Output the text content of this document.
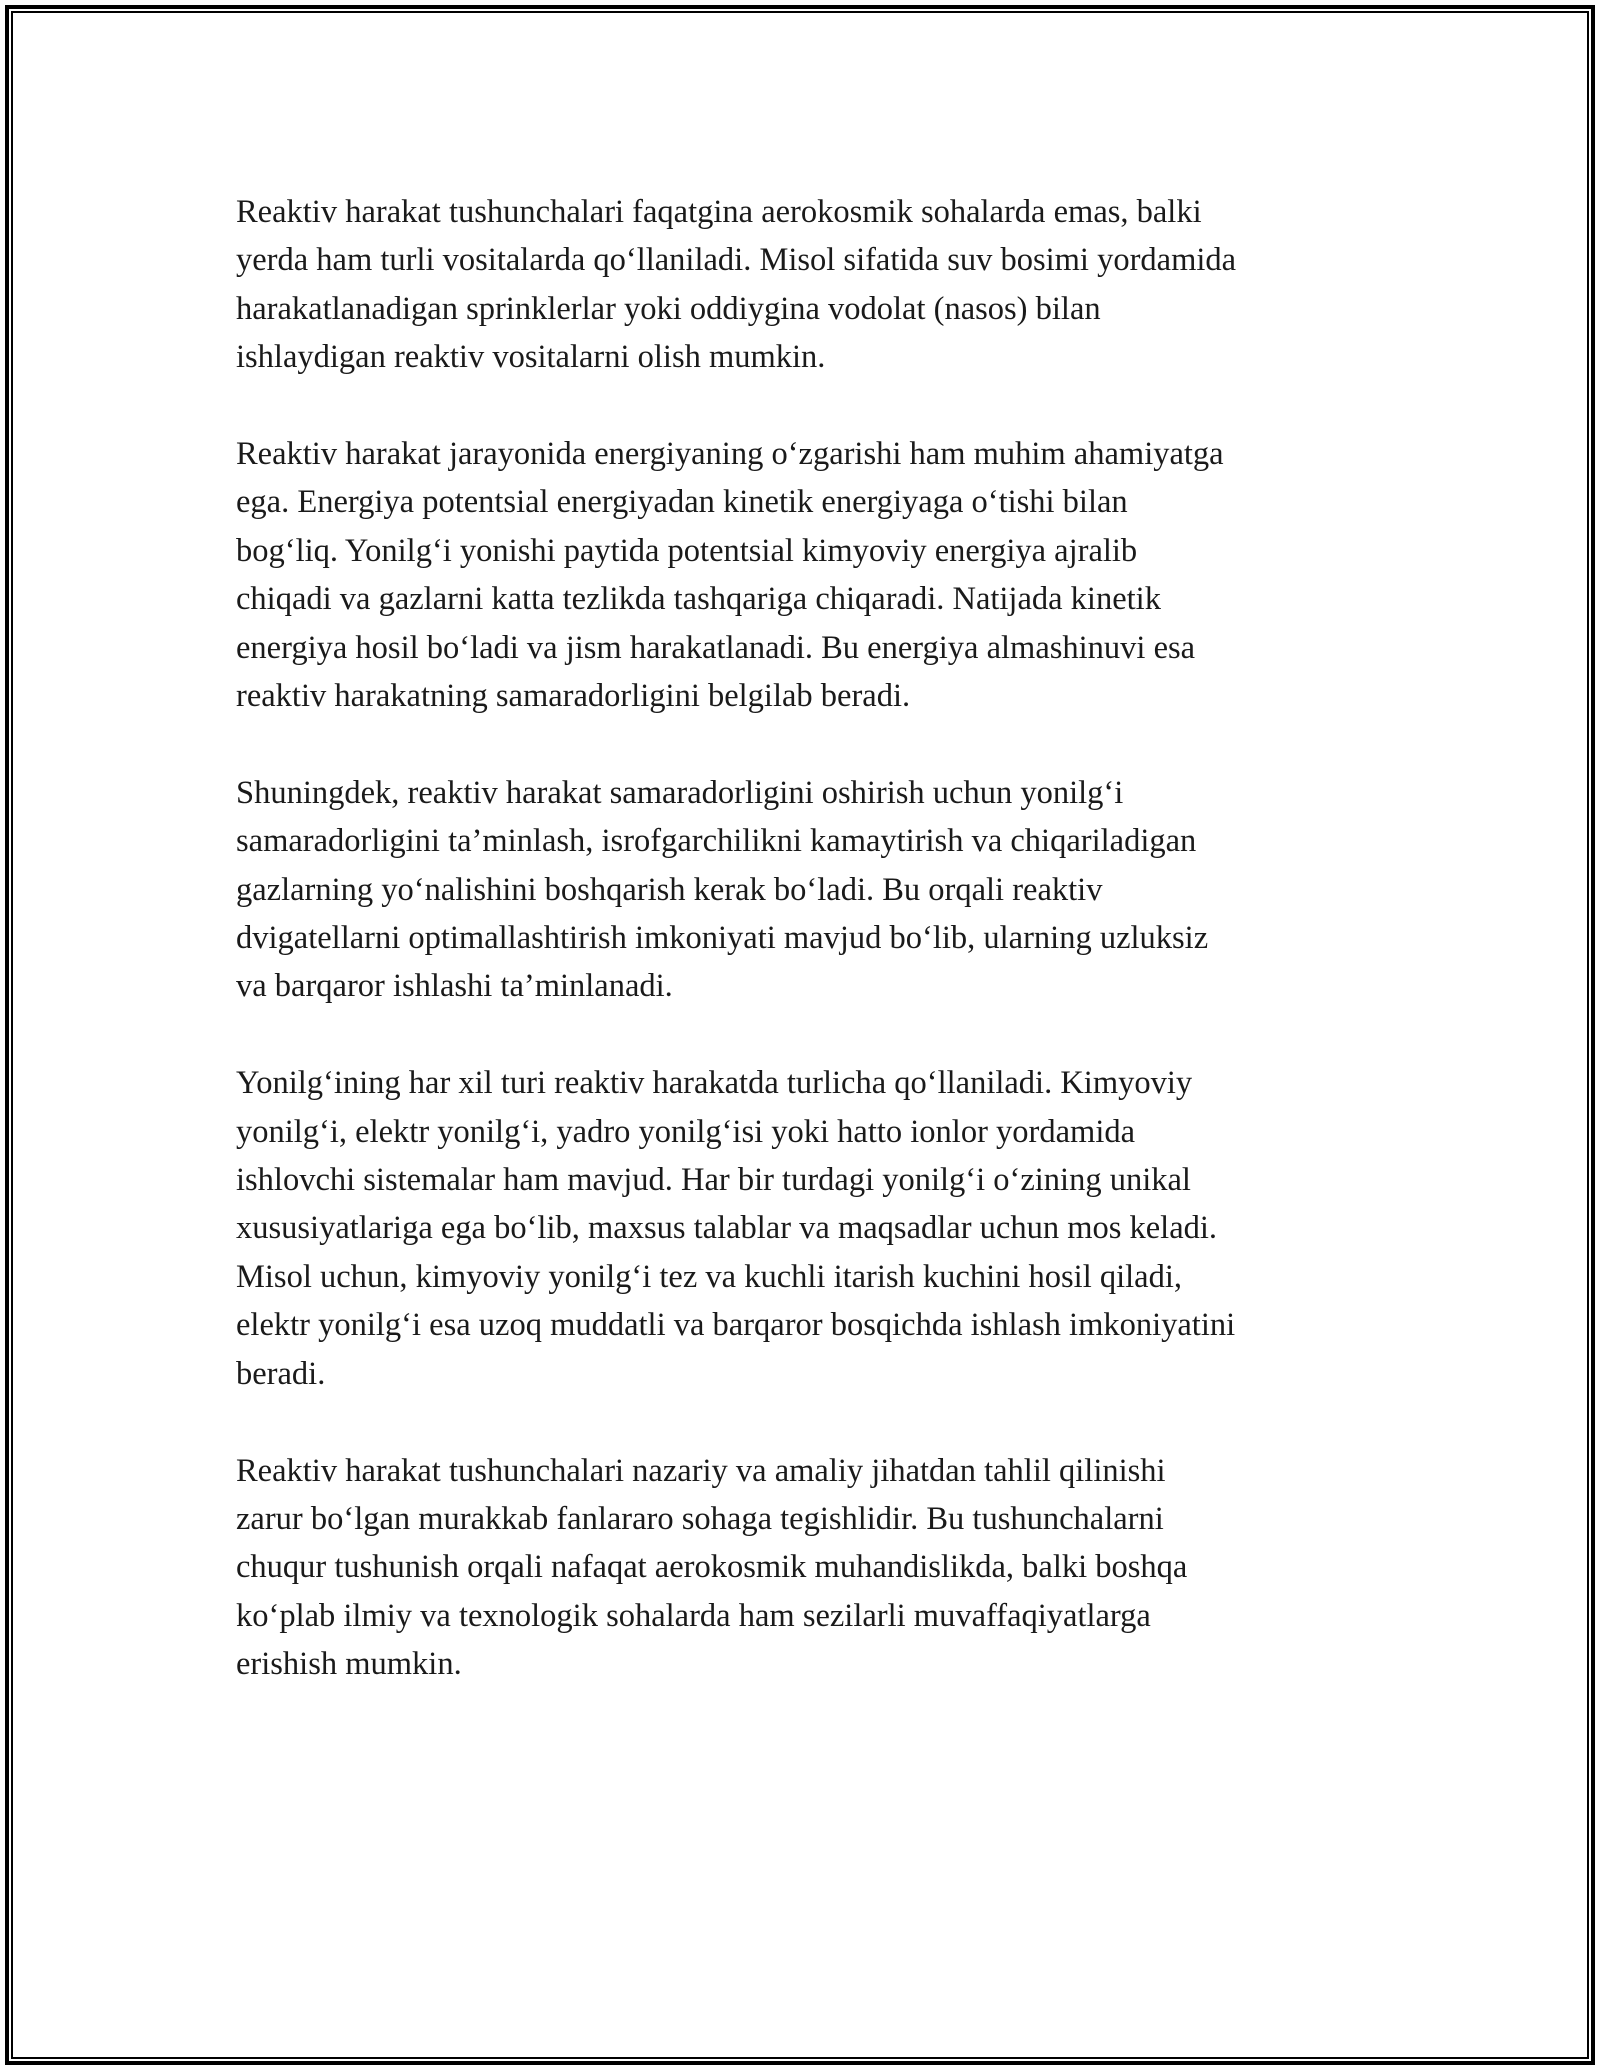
Reaktiv harakat tushunchalari faqatgina aerokosmik sohalarda emas, balki
yerda ham turli vositalarda qo‘llaniladi. Misol sifatida suv bosimi yordamida
harakatlanadigan sprinklerlar yoki oddiygina vodolat (nasos) bilan
ishlaydigan reaktiv vositalarni olish mumkin.

Reaktiv harakat jarayonida energiyaning o‘zgarishi ham muhim ahamiyatga
ega. Energiya potentsial energiyadan kinetik energiyaga o‘tishi bilan
bog‘liq. Yonilg‘i yonishi paytida potentsial kimyoviy energiya ajralib
chiqadi va gazlarni katta tezlikda tashqariga chiqaradi. Natijada kinetik
energiya hosil bo‘ladi va jism harakatlanadi. Bu energiya almashinuvi esa
reaktiv harakatning samaradorligini belgilab beradi.

Shuningdek, reaktiv harakat samaradorligini oshirish uchun yonilg‘i
samaradorligini ta’minlash, isrofgarchilikni kamaytirish va chiqariladigan
gazlarning yo‘nalishini boshqarish kerak bo‘ladi. Bu orqali reaktiv
dvigatellarni optimallashtirish imkoniyati mavjud bo‘lib, ularning uzluksiz
va barqaror ishlashi ta’minlanadi.

Yonilg‘ining har xil turi reaktiv harakatda turlicha qo‘llaniladi. Kimyoviy
yonilg‘i, elektr yonilg‘i, yadro yonilg‘isi yoki hatto ionlor yordamida
ishlovchi sistemalar ham mavjud. Har bir turdagi yonilg‘i o‘zining unikal
xususiyatlariga ega bo‘lib, maxsus talablar va maqsadlar uchun mos keladi.
Misol uchun, kimyoviy yonilg‘i tez va kuchli itarish kuchini hosil qiladi,
elektr yonilg‘i esa uzoq muddatli va barqaror bosqichda ishlash imkoniyatini
beradi.

Reaktiv harakat tushunchalari nazariy va amaliy jihatdan tahlil qilinishi
zarur bo‘lgan murakkab fanlararo sohaga tegishlidir. Bu tushunchalarni
chuqur tushunish orqali nafaqat aerokosmik muhandislikda, balki boshqa
ko‘plab ilmiy va texnologik sohalarda ham sezilarli muvaffaqiyatlarga
erishish mumkin.
